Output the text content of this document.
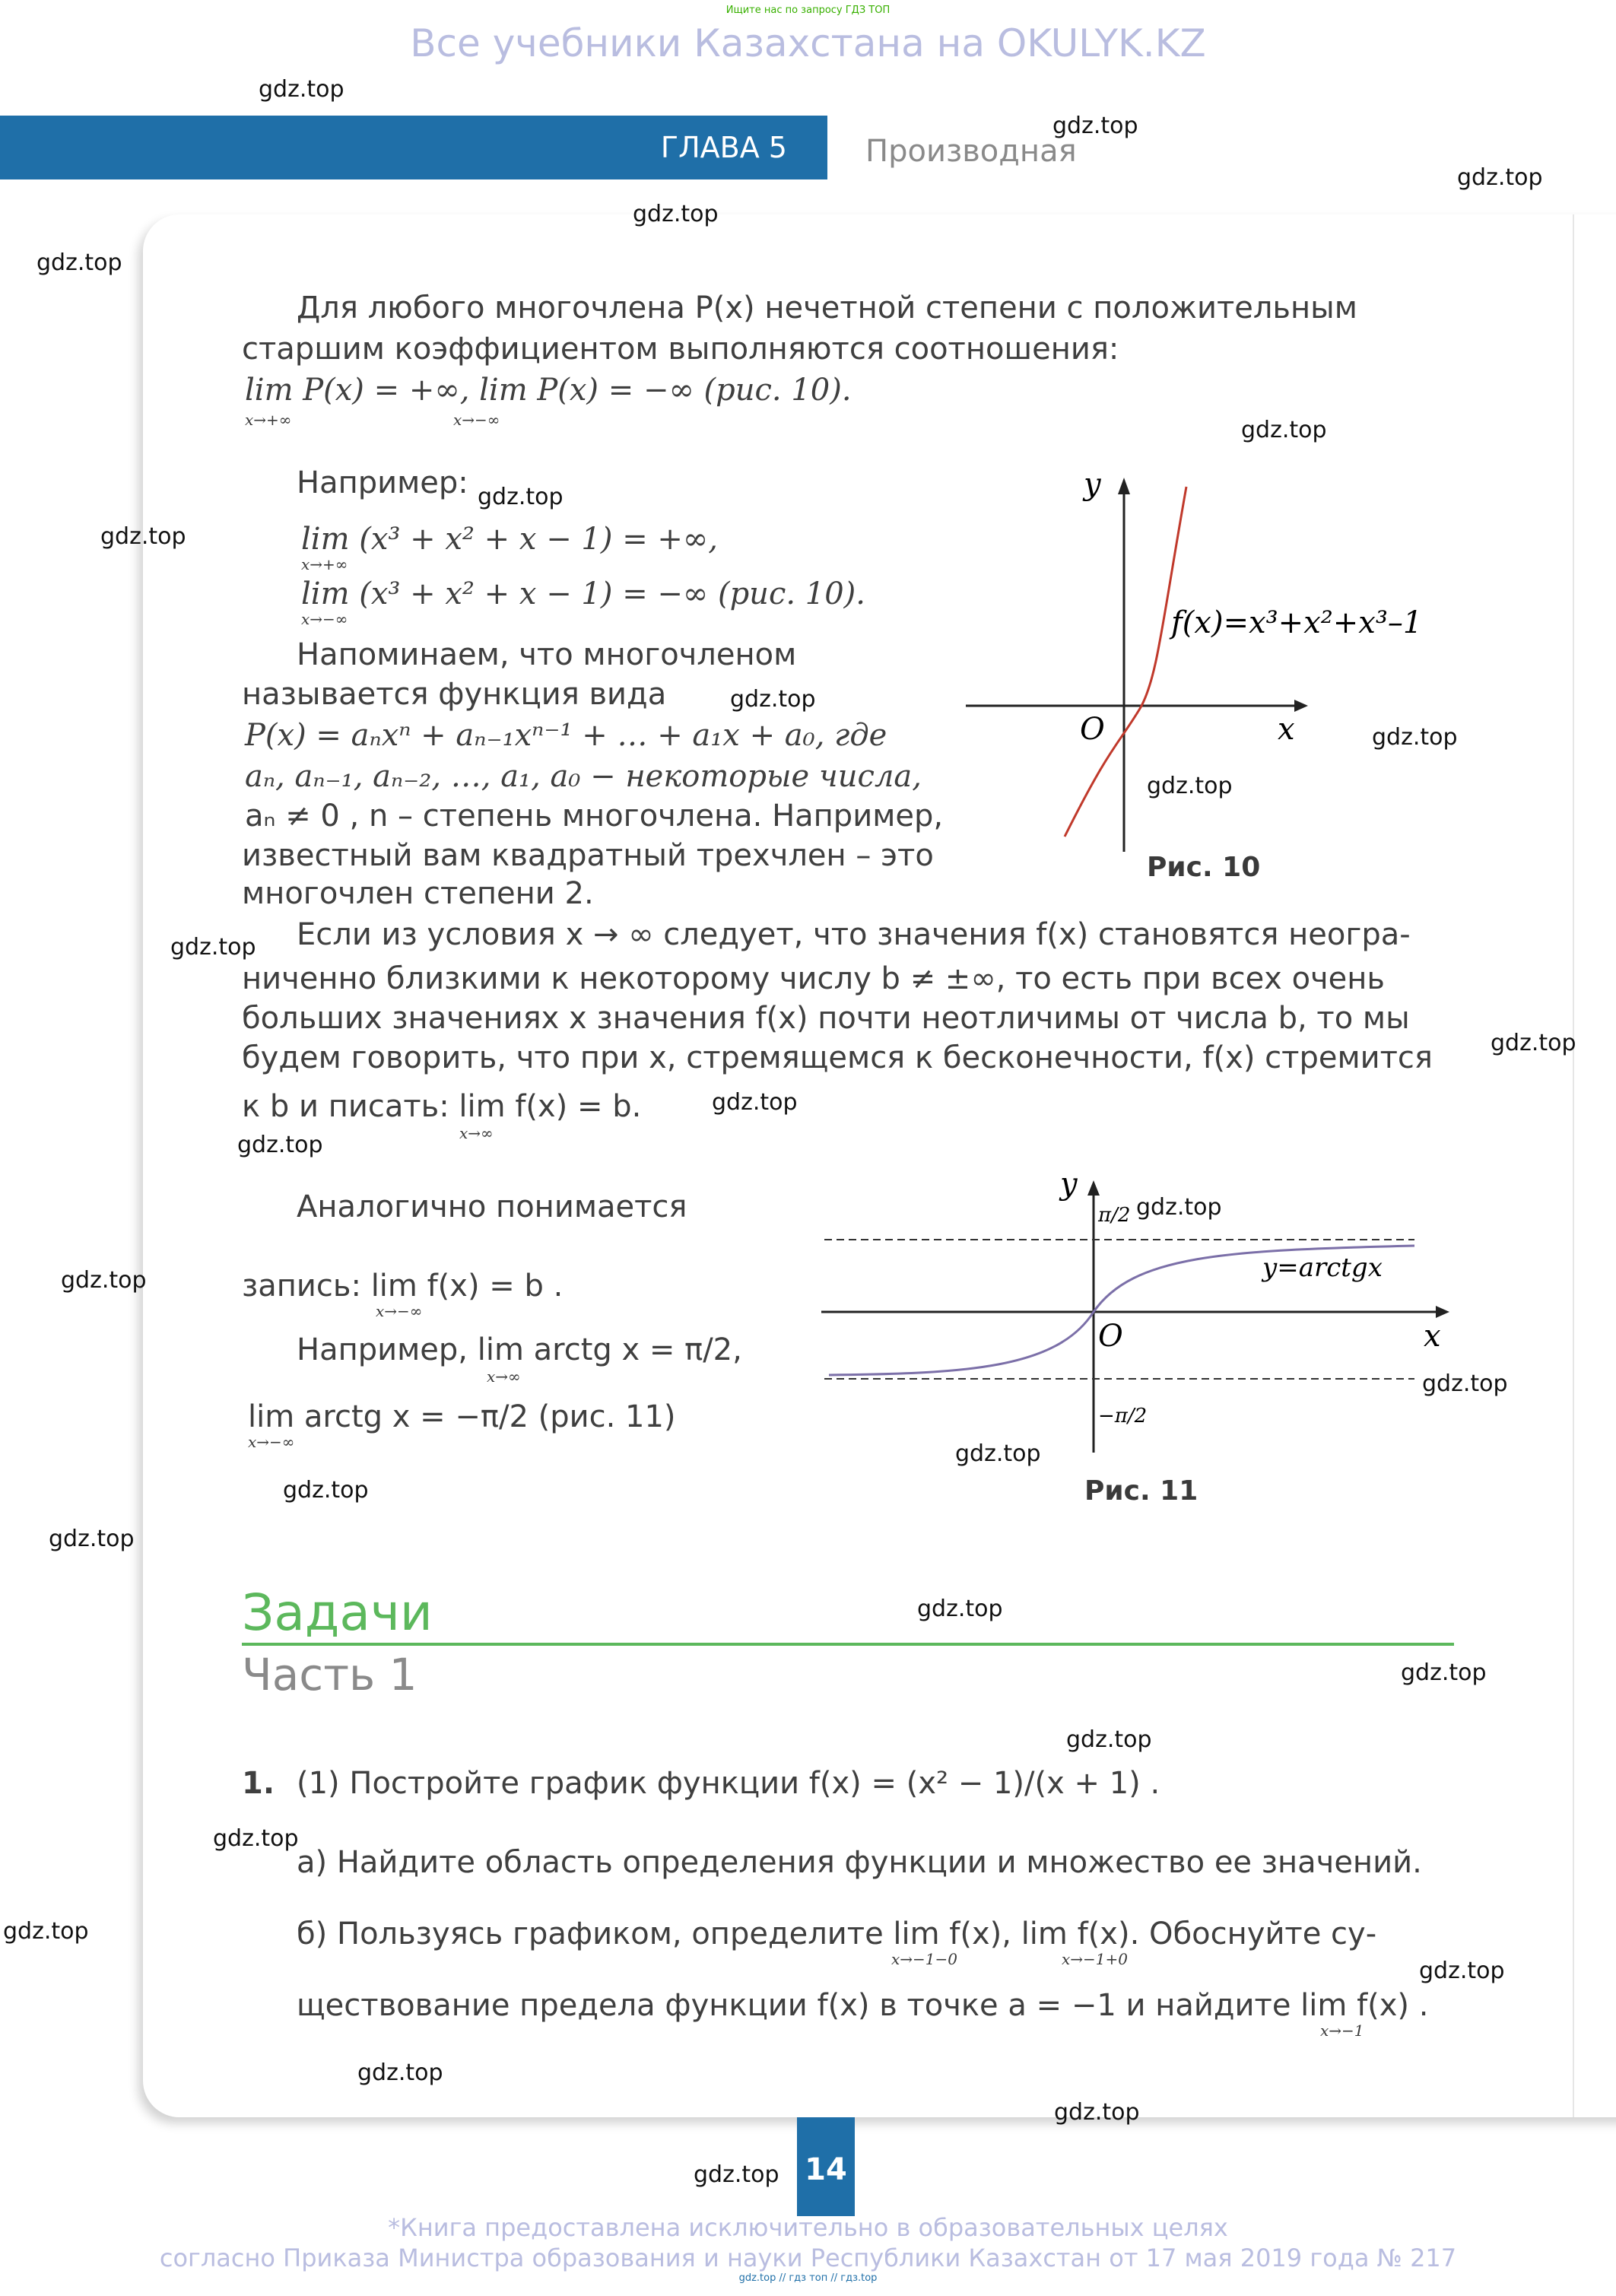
Ищите нас по запросу ГДЗ ТОП
Все учебники Казахстана на OKULYK.KZ
ГЛАВА 5	Производная
Для любого многочлена P(x) нечетной степени с положительным
старшим коэффициентом выполняются соотношения:
lim P(x) = +∞, lim P(x) = −∞ (рис. 10).
x→+∞	x→−∞
Например:
lim (x³ + x² + x − 1) = +∞,
x→+∞
lim (x³ + x² + x − 1) = −∞ (рис. 10).
x→−∞
Напоминаем, что многочленом
называется функция вида
P(x) = aₙxⁿ + aₙ₋₁xⁿ⁻¹ + … + a₁x + a₀, где
aₙ, aₙ₋₁, aₙ₋₂, …, a₁, a₀ − некоторые числа,
aₙ ≠ 0 , n – степень многочлена. Например,
известный вам квадратный трехчлен – это
многочлен степени 2.
y
x
O
f(x)=x³+x²+x³–1
Рис. 10
Если из условия x → ∞ следует, что значения f(x) становятся неогра-
ниченно близкими к некоторому числу b ≠ ±∞, то есть при всех очень
больших значениях x значения f(x) почти неотличимы от числа b, то мы
будем говорить, что при x, стремящемся к бесконечности, f(x) стремится
к b и писать: lim f(x) = b.
x→∞
Аналогично понимается
запись: lim f(x) = b .
x→−∞
Например, lim arctg x = π/2,
x→∞
lim arctg x = −π/2 (рис. 11)
x→−∞
y
x
O
π/2
−π/2
y=arctgx
Рис. 11
Задачи
Часть 1
1. (1) Постройте график функции f(x) = (x² − 1)/(x + 1) .
а) Найдите область определения функции и множество ее значений.
б) Пользуясь графиком, определите lim f(x), lim f(x). Обоснуйте су-
x→−1−0	x→−1+0
ществование предела функции f(x) в точке a = −1 и найдите lim f(x) .
x→−1
14
*Книга предоставлена исключительно в образовательных целях
согласно Приказа Министра образования и науки Республики Казахстан от 17 мая 2019 года № 217
gdz.top // гдз топ // гдз.top
gdz.top
gdz.top
gdz.top
gdz.top
gdz.top
gdz.top
gdz.top
gdz.top
gdz.top
gdz.top
gdz.top
gdz.top
gdz.top
gdz.top
gdz.top
gdz.top
gdz.top
gdz.top
gdz.top
gdz.top
gdz.top
gdz.top
gdz.top
gdz.top
gdz.top
gdz.top
gdz.top
gdz.top
gdz.top
gdz.top
